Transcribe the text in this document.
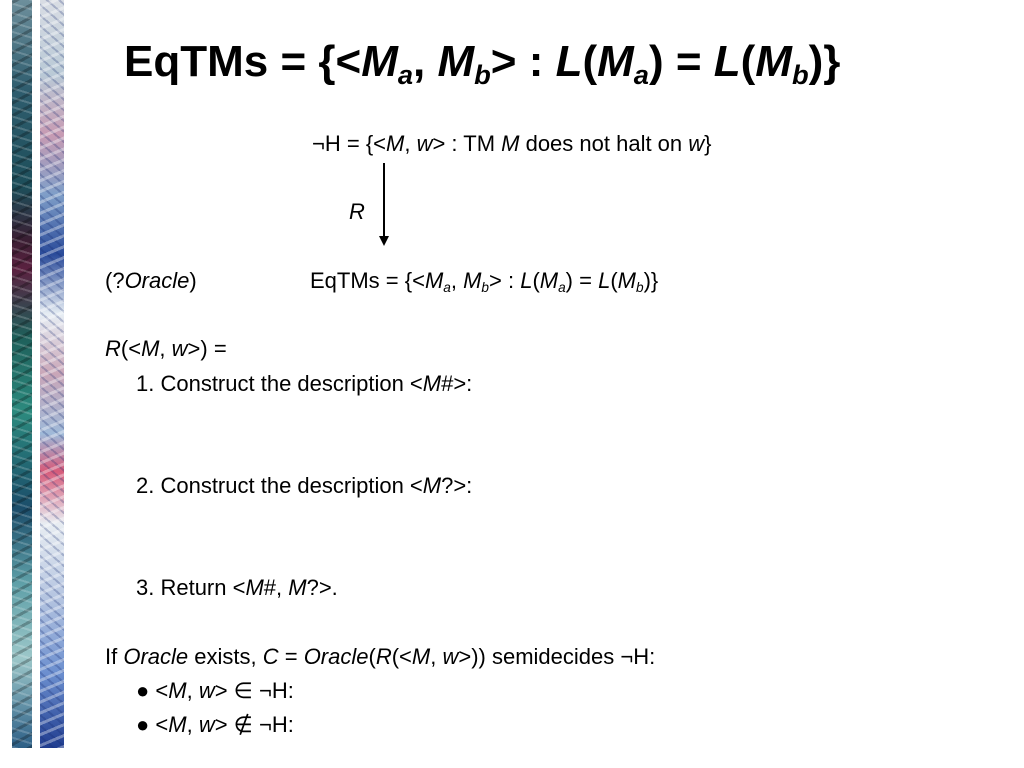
EqTMs = {$<M_a$, $M_b>$ : $L(M_a) = L(M_b)$}
¬H = {<M, w> : TM M does not halt on w}
R
(?Oracle)	EqTMs = {$<M_a$, $M_b>$ : $L(M_a) = L(M_b)$}
R(<M, w>) =
1. Construct the description <M#>:
2. Construct the description <M?>:
3. Return <M#, M?>.
If Oracle exists, C = Oracle(R(<M, w>)) semidecides ¬H:
● <M, w> ∈ ¬H:
● <M, w> ∉ ¬H:
